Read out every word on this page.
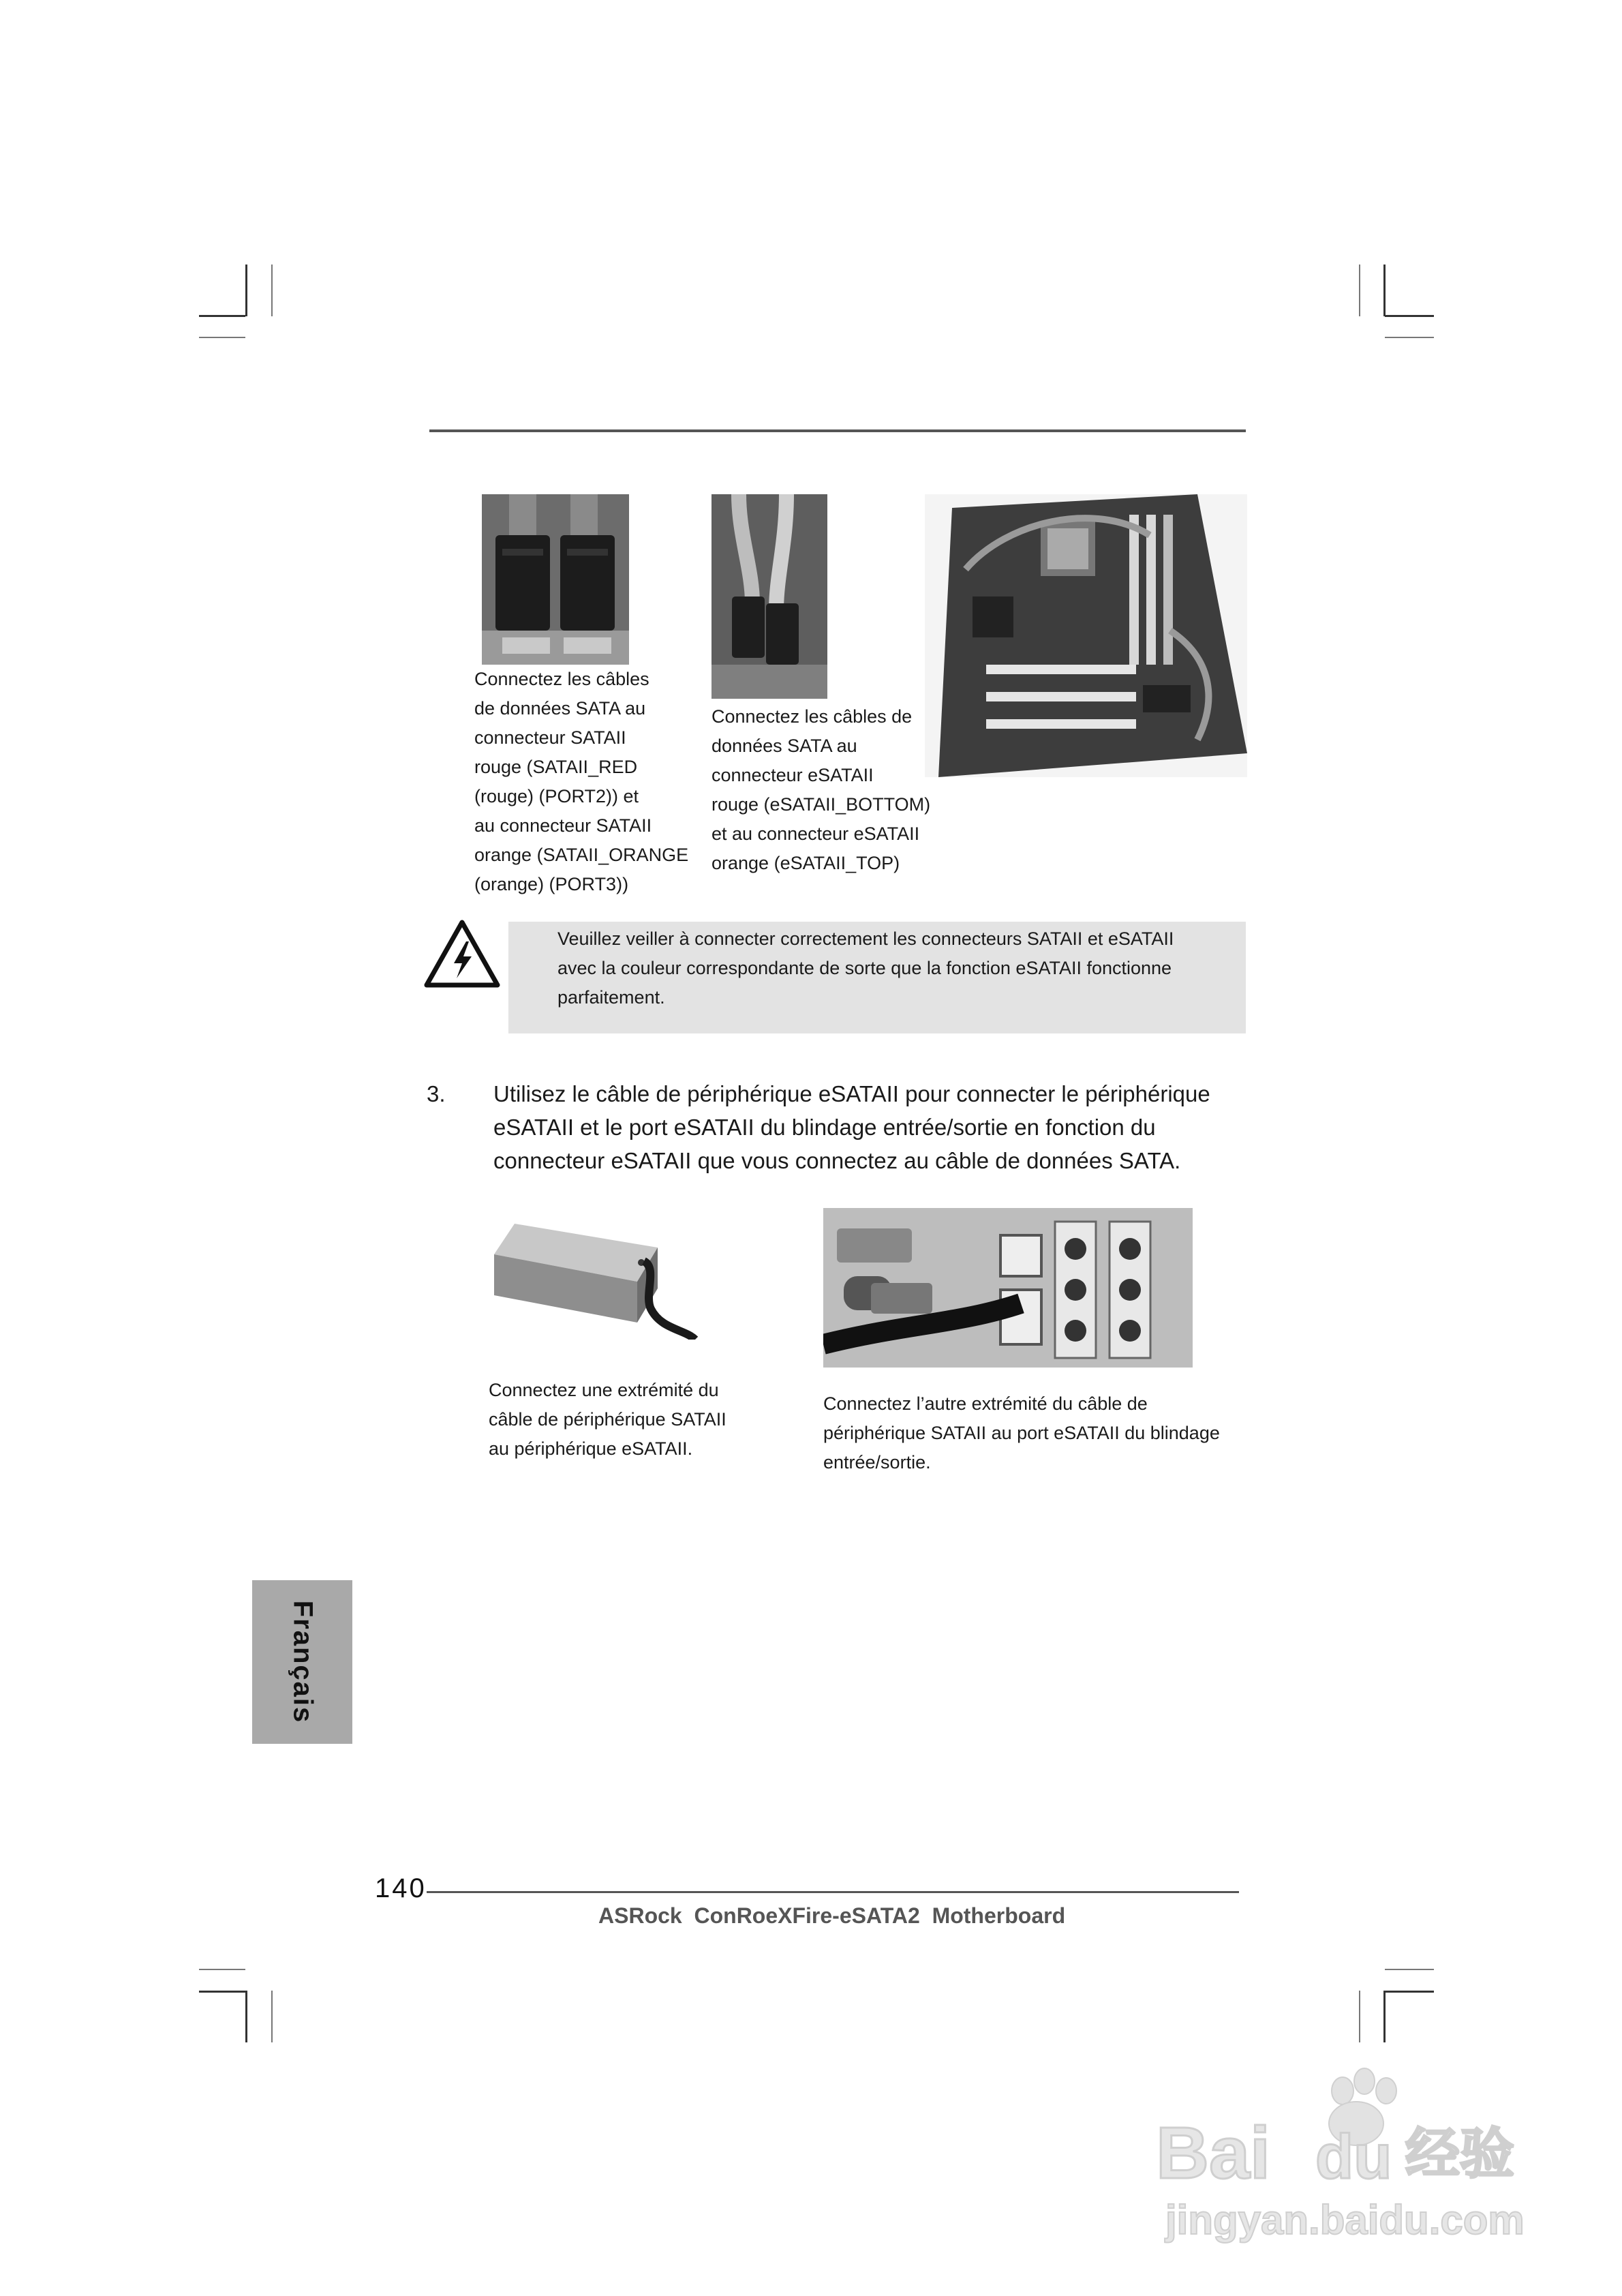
Connectez les câbles
de données SATA au
connecteur SATAII
rouge (SATAII_RED
(rouge) (PORT2)) et
au connecteur SATAII
orange (SATAII_ORANGE
(orange) (PORT3))
Connectez les câbles de
données SATA au
connecteur eSATAII
rouge (eSATAII_BOTTOM)
et au connecteur eSATAII
orange (eSATAII_TOP)
Veuillez veiller à connecter correctement les connecteurs SATAII et eSATAII
avec la couleur correspondante de sorte que la fonction eSATAII fonctionne
parfaitement.
3. Utilisez le câble de périphérique eSATAII pour connecter le périphérique
eSATAII et le port eSATAII du blindage entrée/sortie en fonction du
connecteur eSATAII que vous connectez au câble de données SATA.
Connectez une extrémité du
câble de périphérique SATAII
au périphérique eSATAII.
Connectez l’autre extrémité du câble de
périphérique SATAII au port eSATAII du blindage
entrée/sortie.
Français
140
ASRock  ConRoeXFire-eSATA2  Motherboard
Bai du 经验
jingyan.baidu.com
